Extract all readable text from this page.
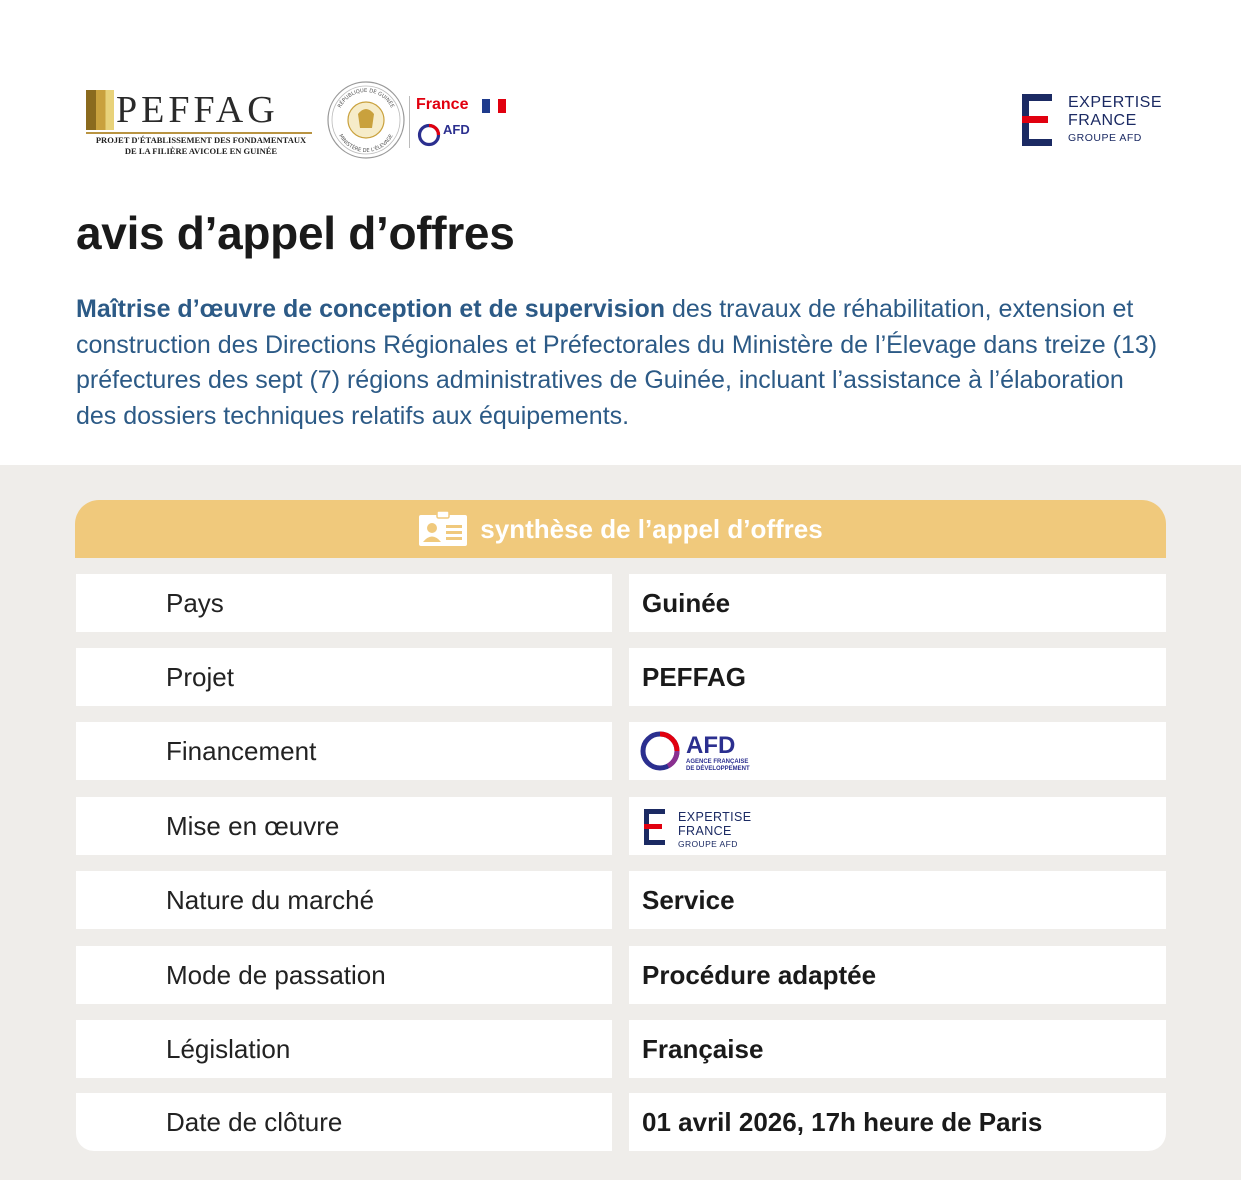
PEFFAG
PROJET D'ÉTABLISSEMENT DES FONDAMENTAUX
DE LA FILIÈRE AVICOLE EN GUINÉE
RÉPUBLIQUE DE GUINÉE
MINISTÈRE DE L'ÉLEVAGE
France
AFD
EXPERTISE
FRANCE
GROUPE AFD
avis d’appel d’offres
Maîtrise d’œuvre de conception et de supervision des travaux de réhabilitation, extension et construction des Directions Régionales et Préfectorales du Ministère de l’Élevage dans treize (13) préfectures des sept (7) régions administratives de Guinée, incluant l’assistance à l’élaboration des dossiers techniques relatifs aux équipements.
synthèse de l’appel d’offres
Pays	Guinée
Projet	PEFFAG
Financement	AFD
AGENCE FRANÇAISE
DE DÉVELOPPEMENT
Mise en œuvre	EXPERTISE
FRANCE
GROUPE AFD
Nature du marché	Service
Mode de passation	Procédure adaptée
Législation	Française
Date de clôture	01 avril 2026, 17h heure de Paris
